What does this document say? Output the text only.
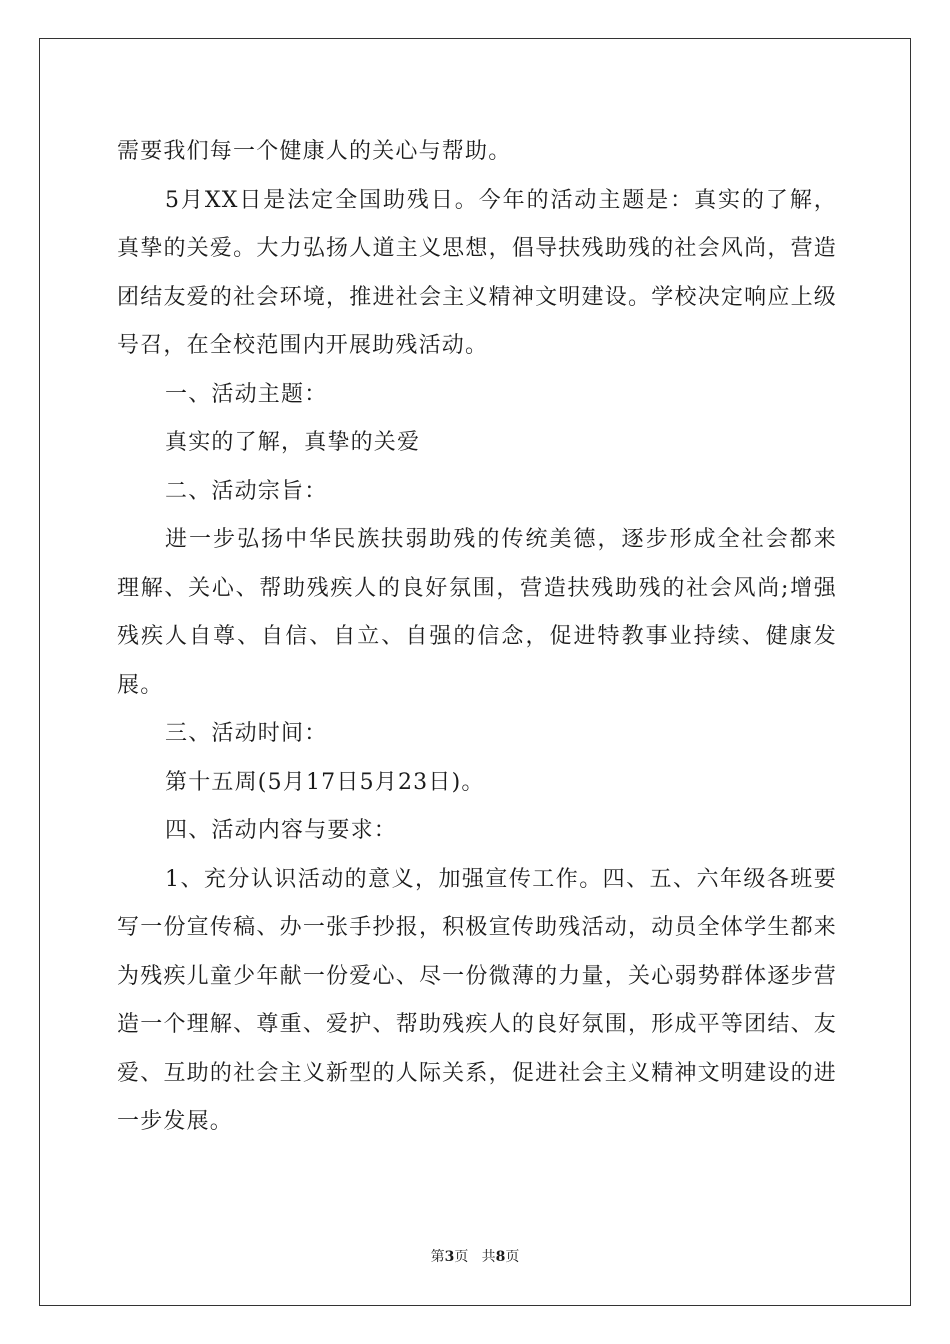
需要我们每一个健康人的关心与帮助。

5月XX日是法定全国助残日。今年的活动主题是：真实的了解，真挚的关爱。大力弘扬人道主义思想，倡导扶残助残的社会风尚，营造团结友爱的社会环境，推进社会主义精神文明建设。学校决定响应上级号召，在全校范围内开展助残活动。

一、活动主题：

真实的了解，真挚的关爱

二、活动宗旨：

进一步弘扬中华民族扶弱助残的传统美德，逐步形成全社会都来理解、关心、帮助残疾人的良好氛围，营造扶残助残的社会风尚;增强残疾人自尊、自信、自立、自强的信念，促进特教事业持续、健康发展。

三、活动时间：

第十五周(5月17日5月23日)。

四、活动内容与要求：

1、充分认识活动的意义，加强宣传工作。四、五、六年级各班要写一份宣传稿、办一张手抄报，积极宣传助残活动，动员全体学生都来为残疾儿童少年献一份爱心、尽一份微薄的力量，关心弱势群体逐步营造一个理解、尊重、爱护、帮助残疾人的良好氛围，形成平等团结、友爱、互助的社会主义新型的人际关系，促进社会主义精神文明建设的进一步发展。

第3页 共8页
